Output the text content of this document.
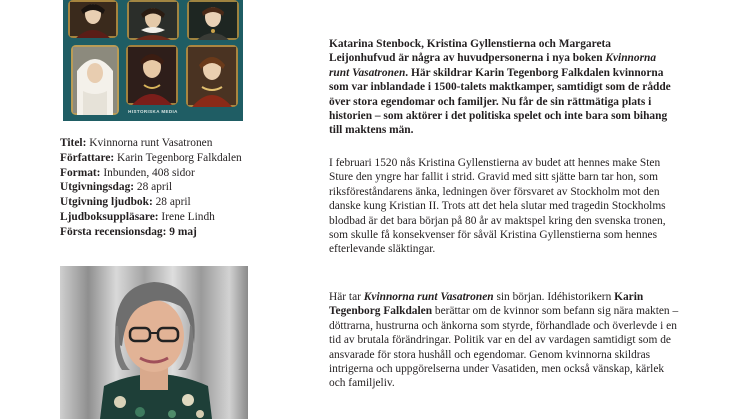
HISTORISKA MEDIA
Titel: Kvinnorna runt Vasatronen
Författare: Karin Tegenborg Falkdalen
Format: Inbunden, 408 sidor
Utgivningsdag: 28 april
Utgivning ljudbok: 28 april
Ljudboksuppläsare: Irene Lindh
Första recensionsdag: 9 maj

Katarina Stenbock, Kristina Gyllenstierna och Margareta Leijonhufvud är några av huvudpersonerna i nya boken Kvinnorna runt Vasatronen. Här skildrar Karin Tegenborg Falkdalen kvinnorna som var inblandade i 1500-talets maktkamper, samtidigt som de rådde över stora egendomar och familjer. Nu får de sin rättmätiga plats i historien – som aktörer i det politiska spelet och inte bara som bihang till maktens män.

I februari 1520 nås Kristina Gyllenstierna av budet att hennes make Sten Sture den yngre har fallit i strid. Gravid med sitt sjätte barn tar hon, som riksföreståndarens änka, ledningen över försvaret av Stockholm mot den danske kung Kristian II. Trots att det hela slutar med tragedin Stockholms blodbad är det bara början på 80 år av maktspel kring den svenska tronen, som skulle få konsekvenser för såväl Kristina Gyllenstierna som hennes efterlevande släktingar.

Här tar Kvinnorna runt Vasatronen sin början. Idéhistorikern Karin Tegenborg Falkdalen berättar om de kvinnor som befann sig nära makten – döttrarna, hustrurna och änkorna som styrde, förhandlade och överlevde i en tid av brutala förändringar. Politik var en del av vardagen samtidigt som de ansvarade för stora hushåll och egendomar. Genom kvinnorna skildras intrigerna och uppgörelserna under Vasatiden, men också vänskap, kärlek och familjeliv.
